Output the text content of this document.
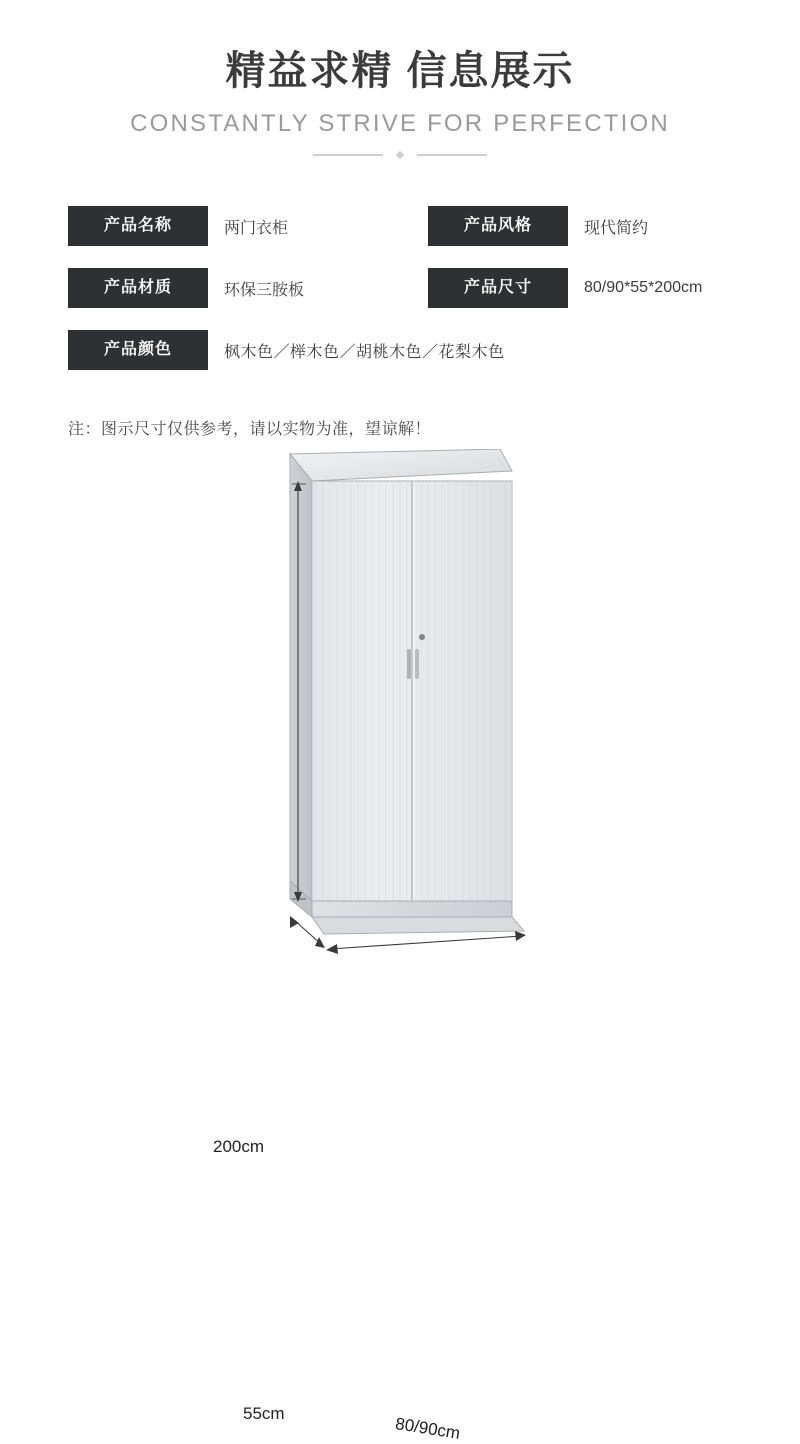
精益求精 信息展示
CONSTANTLY STRIVE FOR PERFECTION
产品名称	两门衣柜	产品风格	现代简约
产品材质	环保三胺板	产品尺寸	80/90*55*200cm
产品颜色	枫木色／榉木色／胡桃木色／花梨木色
注：图示尺寸仅供参考，请以实物为准，望谅解！
200cm
55cm
80/90cm
